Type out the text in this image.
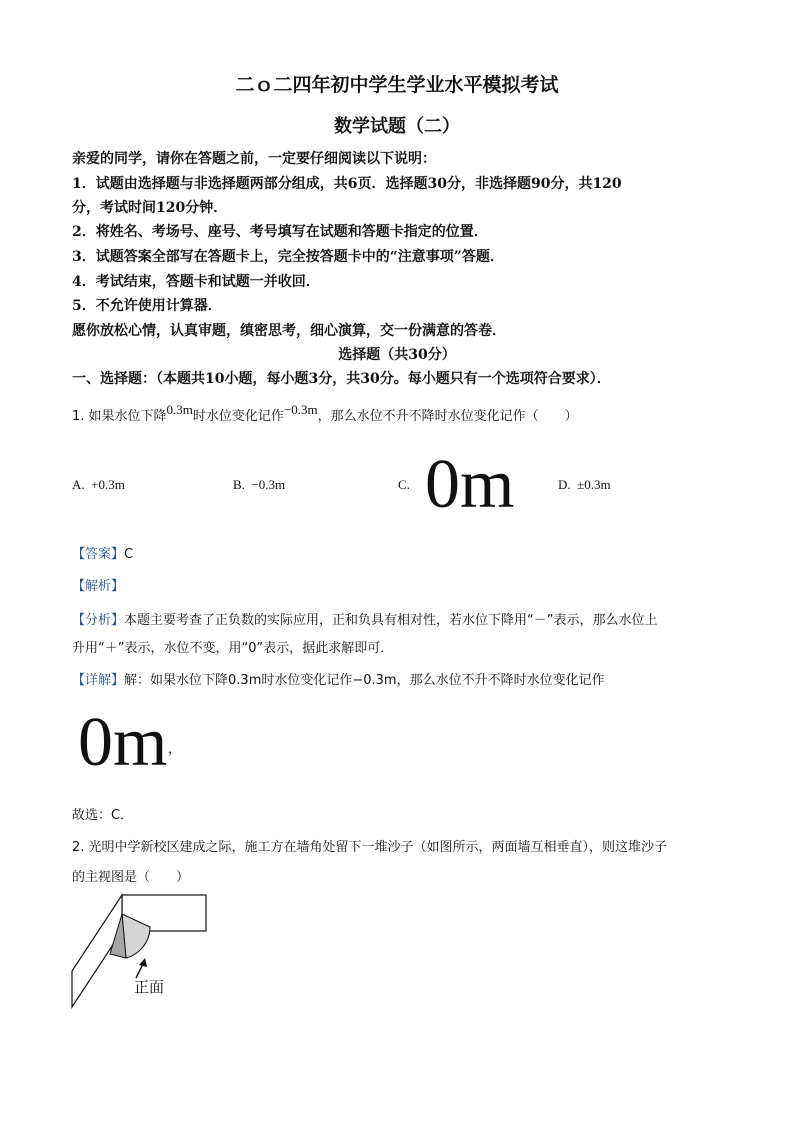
二ｏ二四年初中学生学业水平模拟考试
数学试题（二）
亲爱的同学，请你在答题之前，一定要仔细阅读以下说明：
1．试题由选择题与非选择题两部分组成，共6页．选择题30分，非选择题90分，共120
分，考试时间120分钟．
2．将姓名、考场号、座号、考号填写在试题和答题卡指定的位置．
3．试题答案全部写在答题卡上，完全按答题卡中的“注意事项”答题．
4．考试结束，答题卡和试题一并收回．
5．不允许使用计算器．
愿你放松心情，认真审题，缜密思考，细心演算，交一份满意的答卷．
选择题（共30分）
一、选择题：（本题共10小题，每小题3分，共30分。每小题只有一个选项符合要求）．
1. 如果水位下降0.3m时水位变化记作−0.3m，那么水位不升不降时水位变化记作（　　）
A. +0.3m	B. −0.3m	C. 0m	D. ±0.3m
【答案】C
【解析】
【分析】本题主要考查了正负数的实际应用，正和负具有相对性，若水位下降用“－”表示，那么水位上
升用“＋”表示，水位不变，用“0”表示，据此求解即可．
【详解】解：如果水位下降0.3m时水位变化记作−0.3m，那么水位不升不降时水位变化记作
0m ，
故选：C．
2. 光明中学新校区建成之际，施工方在墙角处留下一堆沙子（如图所示，两面墙互相垂直），则这堆沙子
的主视图是（　　）
正面
